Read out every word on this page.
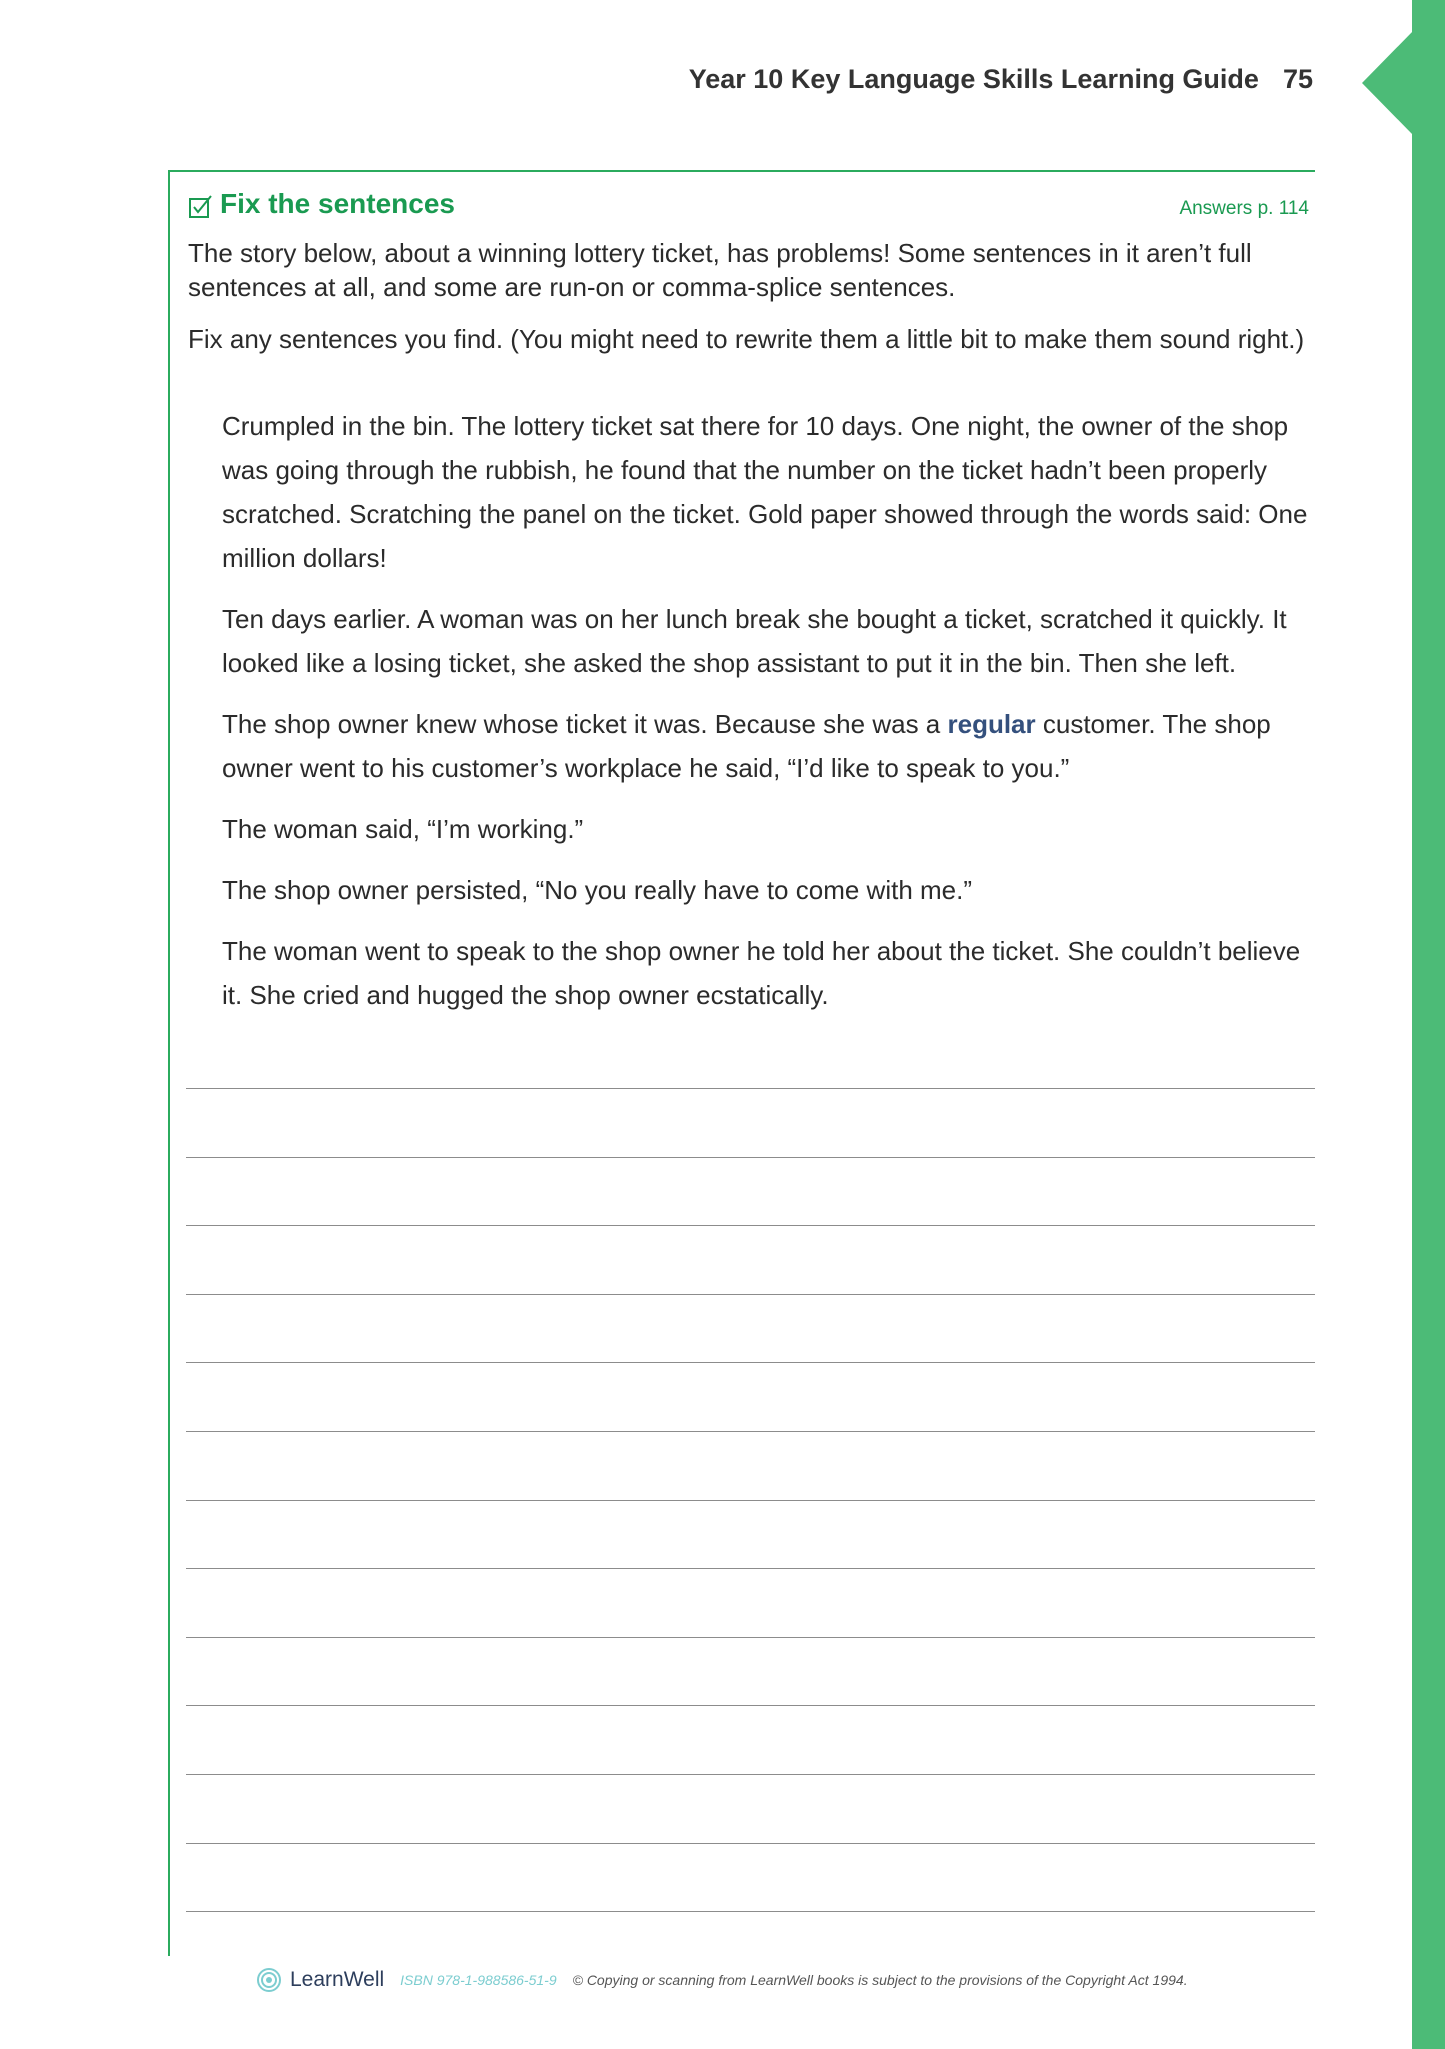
Year 10 Key Language Skills Learning Guide 75
Fix the sentences	Answers p. 114
The story below, about a winning lottery ticket, has problems! Some sentences in it aren’t full sentences at all, and some are run-on or comma-splice sentences.
Fix any sentences you find. (You might need to rewrite them a little bit to make them sound right.)

Crumpled in the bin. The lottery ticket sat there for 10 days. One night, the owner of the shop was going through the rubbish, he found that the number on the ticket hadn’t been properly scratched. Scratching the panel on the ticket. Gold paper showed through the words said: One million dollars!

Ten days earlier. A woman was on her lunch break she bought a ticket, scratched it quickly. It looked like a losing ticket, she asked the shop assistant to put it in the bin. Then she left.

The shop owner knew whose ticket it was. Because she was a regular customer. The shop owner went to his customer’s workplace he said, “I’d like to speak to you.”

The woman said, “I’m working.”

The shop owner persisted, “No you really have to come with me.”

The woman went to speak to the shop owner he told her about the ticket. She couldn’t believe it. She cried and hugged the shop owner ecstatically.

LearnWell ISBN 978-1-988586-51-9 © Copying or scanning from LearnWell books is subject to the provisions of the Copyright Act 1994.
